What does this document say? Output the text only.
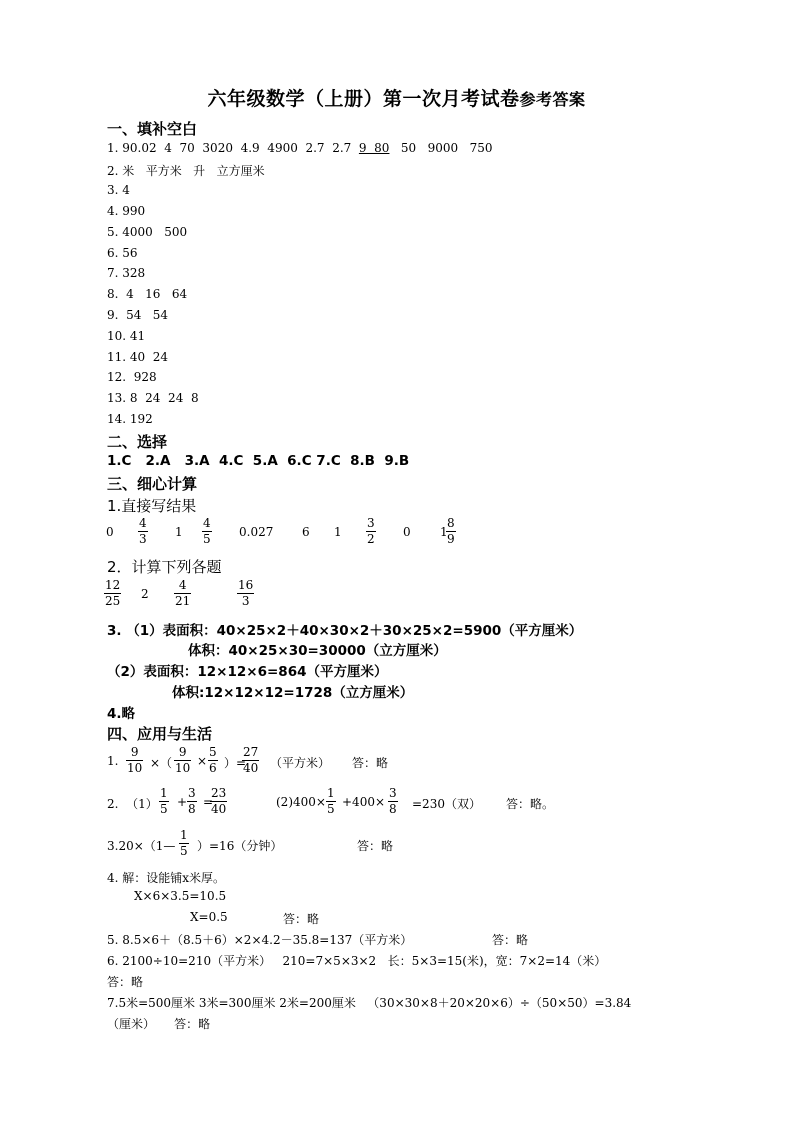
六年级数学（上册）第一次月考试卷参考答案
一、填补空白
1. 90.02  4  70  3020  4.9  4900  2.7  2.7  9  80   50   9000   750
2. 米   平方米   升   立方厘米
3. 4
4. 990
5. 4000   500
6. 56
7. 328
8.  4   16   64
9.  54   54
10. 41
11. 40  24
12.  928
13. 8  24  24  8
14. 192
二、选择
1.C   2.A   3.A  4.C  5.A  6.C 7.C  8.B  9.B
三、细心计算
1.直接写结果
$0 \frac{4}{3} 1 \frac{4}{5} 0.027$ 6 $1 \frac{3}{2} 0$ 1
$\frac{8}{9}$
2．计算下列各题
$\frac{12}{25} 2 \frac{4}{21}$	$\frac{16}{3}$
3. （1）表面积：40×25×2＋40×30×2＋30×25×2=5900（平方厘米）
体积：40×25×30=30000（立方厘米）
（2）表面积：12×12×6=864（平方厘米）
体积:12×12×12=1728（立方厘米）
4.略
四、应用与生活
1. $\frac{9}{10}$ ×（ $\frac{9}{10} \times \frac{5}{6}$ ）=
$\frac{27}{40}$ （平方米） 答：略
2.  $(1) \frac{1}{5} + \frac{3}{8}$ =
$\frac{23}{40}$	$(2)400\times \frac{1}{5} +400\times \frac{3}{8} =230$（双） 答：略。
3.20×（1— $\frac{1}{5} )=16$（分钟）	答：略
4. 解：设能铺x米厚。
X×6×3.5=10.5
X=0.5	答：略
5. 8.5×6＋（8.5＋6）×2×4.2－35.8=137（平方米）	答：略
6. 2100÷10=210（平方米）   210=7×5×3×2   长：5×3=15(米)，宽：7×2=14（米）
答：略
7.5米=500厘米 3米=300厘米 2米=200厘米   （30×30×8＋20×20×6）÷（50×50）=3.84
（厘米）     答：略
